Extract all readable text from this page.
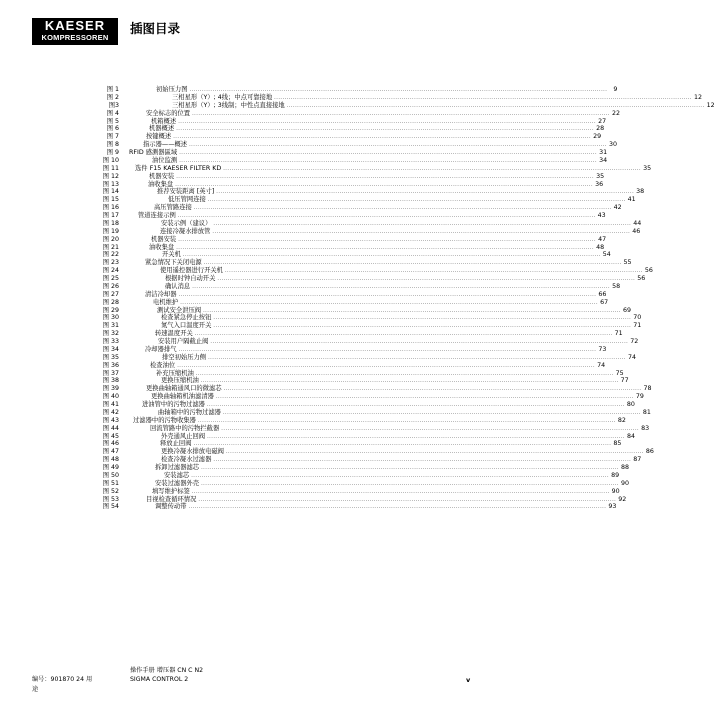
KAESER
KOMPRESSOREN
插图目录
图 1	初始压力图 ........................................................................................................................................................................................................ 9
图 2	三相星形（Y）; 4线；中点可靠接地 ........................................................................................................................................................................................................ 12
图3	三相星形（Y）; 3线制；中性点直接接地 ........................................................................................................................................................................................................ 12
图 4	安全标志的位置 ........................................................................................................................................................................................................ 22
图 5	机箱概述 ........................................................................................................................................................................................................ 27
图 6	机器概述 ........................................................................................................................................................................................................ 28
图 7	按键概述 ........................................................................................................................................................................................................ 29
图 8	指示器——概述 ........................................................................................................................................................................................................ 30
图 9 RFID 感测器區域 ........................................................................................................................................................................................................ 31
图 10	油位监测 ........................................................................................................................................................................................................ 34
图 11	选件 F15 KAESER FILTER KD ........................................................................................................................................................................................................ 35
图 12	机器安装 ........................................................................................................................................................................................................ 35
图 13	油收集盘 ........................................................................................................................................................................................................ 36
图 14	推荐安装距离 [英寸] ........................................................................................................................................................................................................ 38
图 15	低压管网连接 ........................................................................................................................................................................................................ 41
图 16	高压管路连接 ........................................................................................................................................................................................................ 42
图 17	管道连接示例 ........................................................................................................................................................................................................ 43
图 18	安装示例（建议） ........................................................................................................................................................................................................ 44
图 19	连接冷凝水排放管 ........................................................................................................................................................................................................ 46
图 20	机器安装 ........................................................................................................................................................................................................ 47
图 21	油收集盘 ........................................................................................................................................................................................................ 48
图 22	开关机 ........................................................................................................................................................................................................ 54
图 23	紧急情况下关闭电源 ........................................................................................................................................................................................................ 55
图 24	使用遥控器进行开关机 ........................................................................................................................................................................................................ 56
图 25	根据时钟自动开关 ........................................................................................................................................................................................................ 56
图 26	确认消息 ........................................................................................................................................................................................................ 58
图 27	清洁冷却器 ........................................................................................................................................................................................................ 66
图 28	电机维护 ........................................................................................................................................................................................................ 67
图 29	测试安全泄压阀 ........................................................................................................................................................................................................ 69
图 30	检查紧急停止按钮 ........................................................................................................................................................................................................ 70
图 31	氮气入口温度开关 ........................................................................................................................................................................................................ 71
图 32	转速温度开关 ........................................................................................................................................................................................................ 71
图 33	安装用户隔截止阀 ........................................................................................................................................................................................................ 72
图 34	冷却器排气 ........................................................................................................................................................................................................ 73
图 35	排空初始压力侧 ........................................................................................................................................................................................................ 74
图 36	检查油位 ........................................................................................................................................................................................................ 74
图 37	补充压缩机油 ........................................................................................................................................................................................................ 75
图 38	更换压缩机油 ........................................................................................................................................................................................................ 77
图 39	更换曲轴箱通风口的微滤芯 ........................................................................................................................................................................................................ 78
图 40	更换曲轴箱机油滤清器 ........................................................................................................................................................................................................ 79
图 41	进油管中的污物过滤器 ........................................................................................................................................................................................................ 80
图 42	曲轴箱中的污物过滤器 ........................................................................................................................................................................................................ 81
图 43 过滤器中的污物收集器 ........................................................................................................................................................................................................ 82
图 44	回流管路中的污物拦截器 ........................................................................................................................................................................................................ 83
图 45	外壳通风止回阀 ........................................................................................................................................................................................................ 84
图 46	释放止回阀 ........................................................................................................................................................................................................ 85
图 47	更换冷凝水排放电磁阀 ........................................................................................................................................................................................................ 86
图 48	检查冷凝水过滤器 ........................................................................................................................................................................................................ 87
图 49	拆卸过滤器滤芯 ........................................................................................................................................................................................................ 88
图 50	安装滤芯 ........................................................................................................................................................................................................ 89
图 51	安装过滤器外壳 ........................................................................................................................................................................................................ 90
图 52	填写维护标签 ........................................................................................................................................................................................................ 90
图 53	目视检查循环情况 ........................................................................................................................................................................................................ 92
图 54	调整传动带 ........................................................................................................................................................................................................ 93
操作手册 增压器 CN C N2
SIGMA CONTROL 2
编号：901870 24 用
途
v
